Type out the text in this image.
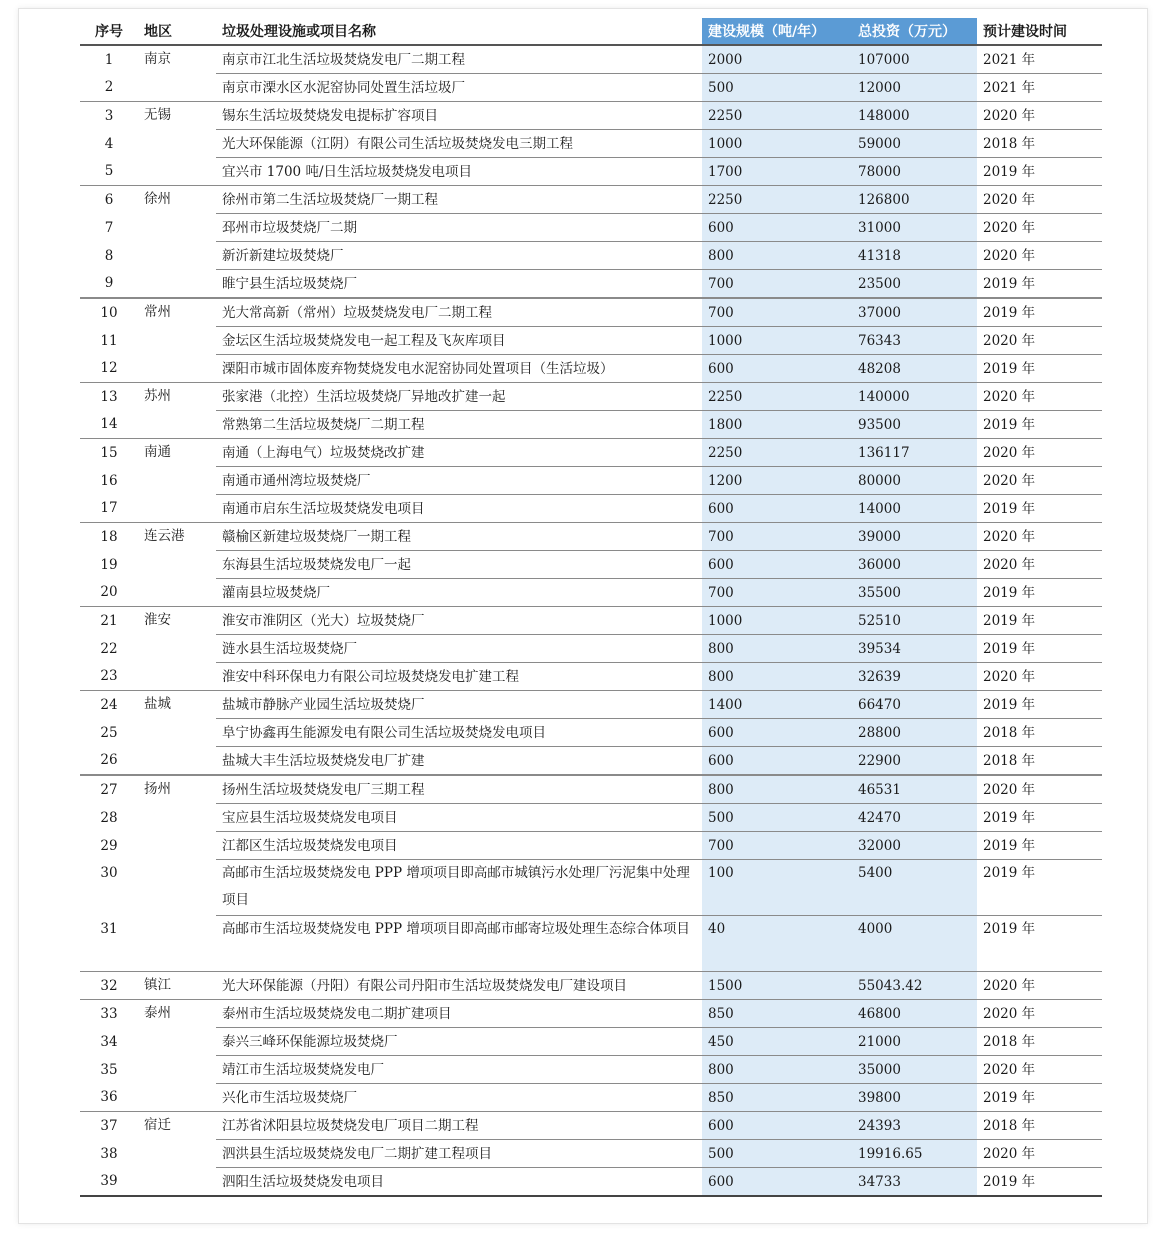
序号	地区	垃圾处理设施或项目名称	建设规模（吨/年）	总投资（万元）	预计建设时间
1	南京	南京市江北生活垃圾焚烧发电厂二期工程	2000	107000	2021 年
2		南京市溧水区水泥窑协同处置生活垃圾厂	500	12000	2021 年
3	无锡	锡东生活垃圾焚烧发电提标扩容项目	2250	148000	2020 年
4		光大环保能源（江阴）有限公司生活垃圾焚烧发电三期工程	1000	59000	2018 年
5		宜兴市 1700 吨/日生活垃圾焚烧发电项目	1700	78000	2019 年
6	徐州	徐州市第二生活垃圾焚烧厂一期工程	2250	126800	2020 年
7		邳州市垃圾焚烧厂二期	600	31000	2020 年
8		新沂新建垃圾焚烧厂	800	41318	2020 年
9		睢宁县生活垃圾焚烧厂	700	23500	2019 年
10	常州	光大常高新（常州）垃圾焚烧发电厂二期工程	700	37000	2019 年
11		金坛区生活垃圾焚烧发电一起工程及飞灰库项目	1000	76343	2020 年
12		溧阳市城市固体废弃物焚烧发电水泥窑协同处置项目（生活垃圾）	600	48208	2019 年
13	苏州	张家港（北控）生活垃圾焚烧厂异地改扩建一起	2250	140000	2020 年
14		常熟第二生活垃圾焚烧厂二期工程	1800	93500	2019 年
15	南通	南通（上海电气）垃圾焚烧改扩建	2250	136117	2020 年
16		南通市通州湾垃圾焚烧厂	1200	80000	2020 年
17		南通市启东生活垃圾焚烧发电项目	600	14000	2019 年
18	连云港	赣榆区新建垃圾焚烧厂一期工程	700	39000	2020 年
19		东海县生活垃圾焚烧发电厂一起	600	36000	2020 年
20		灌南县垃圾焚烧厂	700	35500	2019 年
21	淮安	淮安市淮阴区（光大）垃圾焚烧厂	1000	52510	2019 年
22		涟水县生活垃圾焚烧厂	800	39534	2019 年
23		淮安中科环保电力有限公司垃圾焚烧发电扩建工程	800	32639	2020 年
24	盐城	盐城市静脉产业园生活垃圾焚烧厂	1400	66470	2019 年
25		阜宁协鑫再生能源发电有限公司生活垃圾焚烧发电项目	600	28800	2018 年
26		盐城大丰生活垃圾焚烧发电厂扩建	600	22900	2018 年
27	扬州	扬州生活垃圾焚烧发电厂三期工程	800	46531	2020 年
28		宝应县生活垃圾焚烧发电项目	500	42470	2019 年
29		江都区生活垃圾焚烧发电项目	700	32000	2019 年
30		高邮市生活垃圾焚烧发电 PPP 增项项目即高邮市城镇污水处理厂污泥集中处理项目	100	5400	2019 年
31		高邮市生活垃圾焚烧发电 PPP 增项项目即高邮市邮寄垃圾处理生态综合体项目	40	4000	2019 年
32	镇江	光大环保能源（丹阳）有限公司丹阳市生活垃圾焚烧发电厂建设项目	1500	55043.42	2020 年
33	泰州	泰州市生活垃圾焚烧发电二期扩建项目	850	46800	2020 年
34		泰兴三峰环保能源垃圾焚烧厂	450	21000	2018 年
35		靖江市生活垃圾焚烧发电厂	800	35000	2020 年
36		兴化市生活垃圾焚烧厂	850	39800	2019 年
37	宿迁	江苏省沭阳县垃圾焚烧发电厂项目二期工程	600	24393	2018 年
38		泗洪县生活垃圾焚烧发电厂二期扩建工程项目	500	19916.65	2020 年
39		泗阳生活垃圾焚烧发电项目	600	34733	2019 年
